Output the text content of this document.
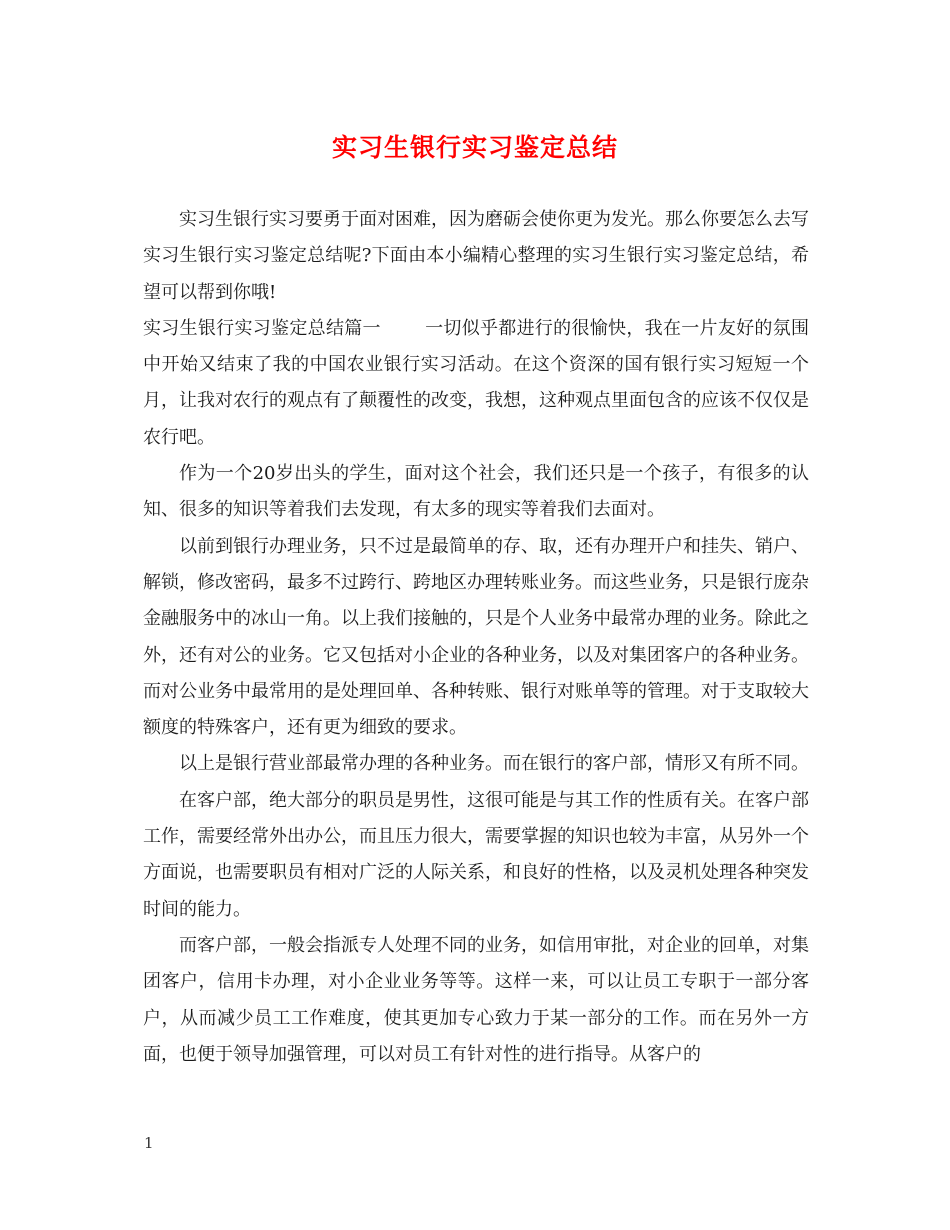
实习生银行实习鉴定总结

实习生银行实习要勇于面对困难，因为磨砺会使你更为发光。那么你要怎么去写实习生银行实习鉴定总结呢?下面由本小编精心整理的实习生银行实习鉴定总结，希望可以帮到你哦!

实习生银行实习鉴定总结篇一 一切似乎都进行的很愉快，我在一片友好的氛围中开始又结束了我的中国农业银行实习活动。在这个资深的国有银行实习短短一个月，让我对农行的观点有了颠覆性的改变，我想，这种观点里面包含的应该不仅仅是农行吧。

作为一个20岁出头的学生，面对这个社会，我们还只是一个孩子，有很多的认知、很多的知识等着我们去发现，有太多的现实等着我们去面对。

以前到银行办理业务，只不过是最简单的存、取，还有办理开户和挂失、销户、解锁，修改密码，最多不过跨行、跨地区办理转账业务。而这些业务，只是银行庞杂金融服务中的冰山一角。以上我们接触的，只是个人业务中最常办理的业务。除此之外，还有对公的业务。它又包括对小企业的各种业务，以及对集团客户的各种业务。而对公业务中最常用的是处理回单、各种转账、银行对账单等的管理。对于支取较大额度的特殊客户，还有更为细致的要求。

以上是银行营业部最常办理的各种业务。而在银行的客户部，情形又有所不同。

在客户部，绝大部分的职员是男性，这很可能是与其工作的性质有关。在客户部工作，需要经常外出办公，而且压力很大，需要掌握的知识也较为丰富，从另外一个方面说，也需要职员有相对广泛的人际关系，和良好的性格，以及灵机处理各种突发时间的能力。

而客户部，一般会指派专人处理不同的业务，如信用审批，对企业的回单，对集团客户，信用卡办理，对小企业业务等等。这样一来，可以让员工专职于一部分客户，从而减少员工工作难度，使其更加专心致力于某一部分的工作。而在另外一方面，也便于领导加强管理，可以对员工有针对性的进行指导。从客户的

1
